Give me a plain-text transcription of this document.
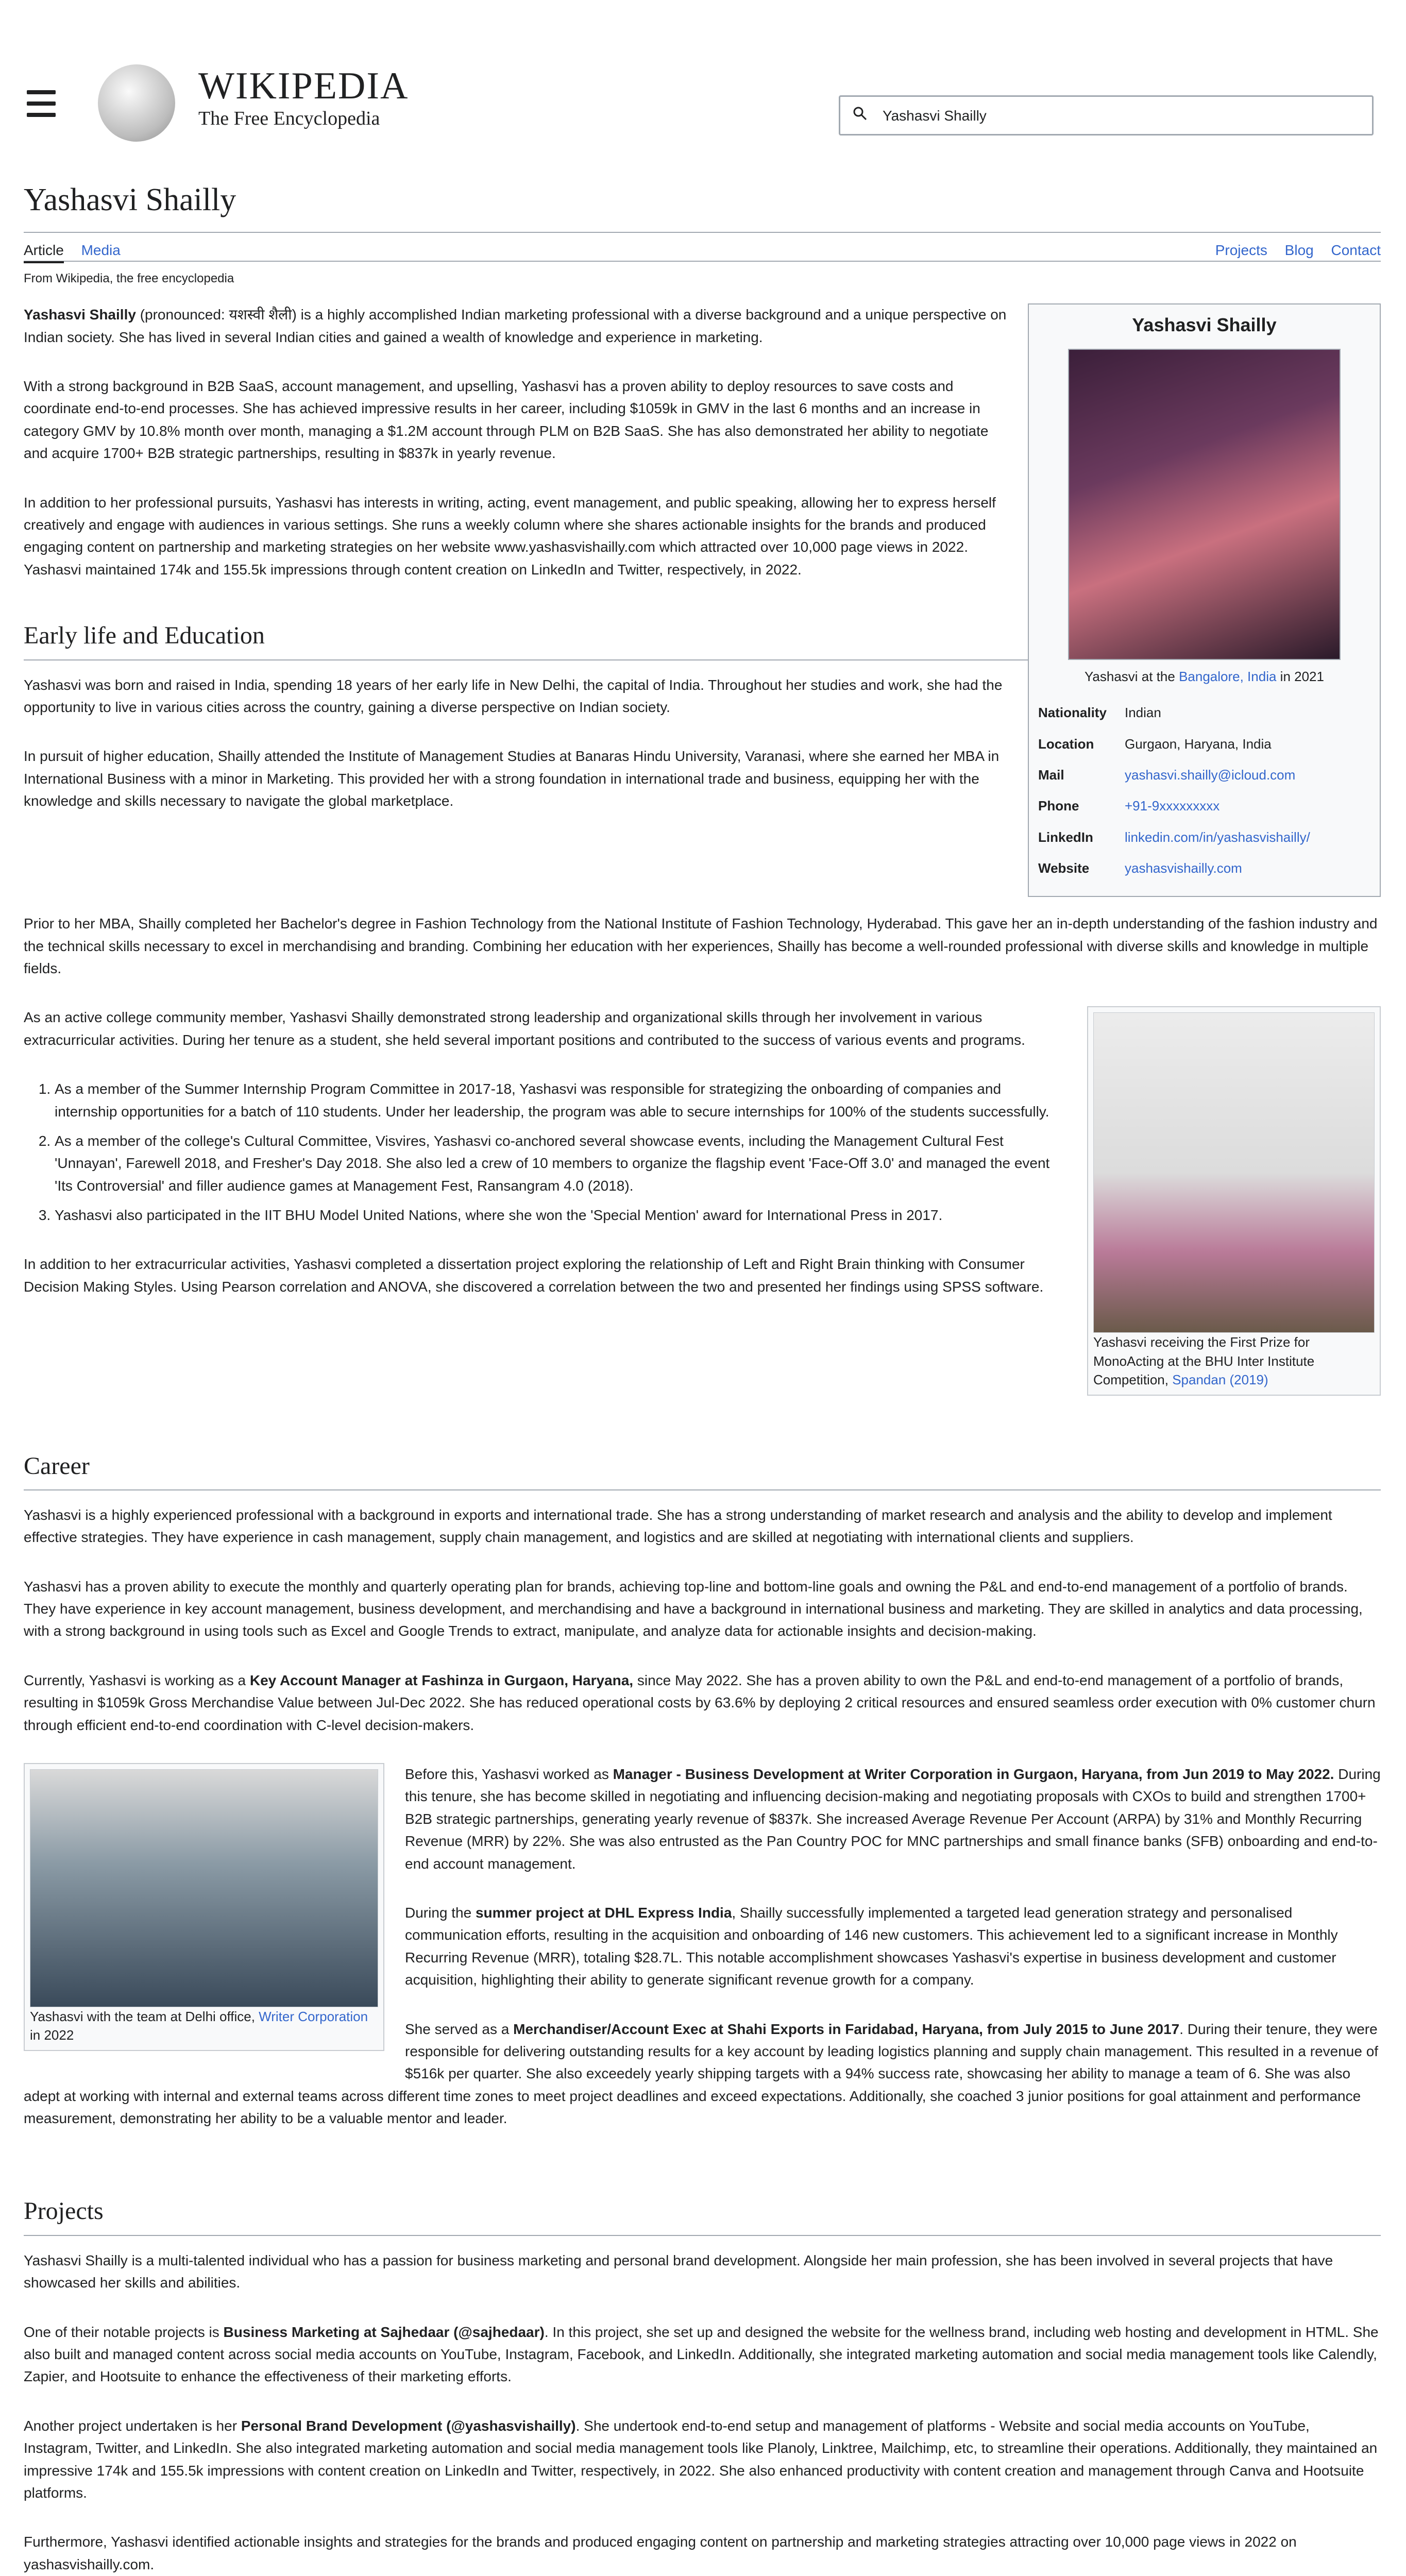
WIKIPEDIA
The Free Encyclopedia
Yashasvi Shailly
Yashasvi Shailly
Article Media	Projects Blog Contact
From Wikipedia, the free encyclopedia
Yashasvi Shailly
Yashasvi at the Bangalore, India in 2021
Nationality	Indian
Location	Gurgaon, Haryana, India
Mail	yashasvi.shailly@icloud.com
Phone	+91-9xxxxxxxxx
LinkedIn	linkedin.com/in/yashasvishailly/
Website	yashasvishailly.com

Yashasvi Shailly (pronounced: यशस्वी शैली) is a highly accomplished Indian marketing professional with a diverse background and a unique perspective on Indian society. She has lived in several Indian cities and gained a wealth of knowledge and experience in marketing.

With a strong background in B2B SaaS, account management, and upselling, Yashasvi has a proven ability to deploy resources to save costs and coordinate end-to-end processes. She has achieved impressive results in her career, including $1059k in GMV in the last 6 months and an increase in category GMV by 10.8% month over month, managing a $1.2M account through PLM on B2B SaaS. She has also demonstrated her ability to negotiate and acquire 1700+ B2B strategic partnerships, resulting in $837k in yearly revenue.

In addition to her professional pursuits, Yashasvi has interests in writing, acting, event management, and public speaking, allowing her to express herself creatively and engage with audiences in various settings. She runs a weekly column where she shares actionable insights for the brands and produced engaging content on partnership and marketing strategies on her website www.yashasvishailly.com which attracted over 10,000 page views in 2022. Yashasvi maintained 174k and 155.5k impressions through content creation on LinkedIn and Twitter, respectively, in 2022.

Early life and Education

Yashasvi was born and raised in India, spending 18 years of her early life in New Delhi, the capital of India. Throughout her studies and work, she had the opportunity to live in various cities across the country, gaining a diverse perspective on Indian society.

In pursuit of higher education, Shailly attended the Institute of Management Studies at Banaras Hindu University, Varanasi, where she earned her MBA in International Business with a minor in Marketing. This provided her with a strong foundation in international trade and business, equipping her with the knowledge and skills necessary to navigate the global marketplace.

Prior to her MBA, Shailly completed her Bachelor's degree in Fashion Technology from the National Institute of Fashion Technology, Hyderabad. This gave her an in-depth understanding of the fashion industry and the technical skills necessary to excel in merchandising and branding. Combining her education with her experiences, Shailly has become a well-rounded professional with diverse skills and knowledge in multiple fields.

Yashasvi receiving the First Prize for MonoActing at the BHU Inter Institute Competition, Spandan (2019)

As an active college community member, Yashasvi Shailly demonstrated strong leadership and organizational skills through her involvement in various extracurricular activities. During her tenure as a student, she held several important positions and contributed to the success of various events and programs.

1. As a member of the Summer Internship Program Committee in 2017-18, Yashasvi was responsible for strategizing the onboarding of companies and internship opportunities for a batch of 110 students. Under her leadership, the program was able to secure internships for 100% of the students successfully.
2. As a member of the college's Cultural Committee, Visvires, Yashasvi co-anchored several showcase events, including the Management Cultural Fest 'Unnayan', Farewell 2018, and Fresher's Day 2018. She also led a crew of 10 members to organize the flagship event 'Face-Off 3.0' and managed the event 'Its Controversial' and filler audience games at Management Fest, Ransangram 4.0 (2018).
3. Yashasvi also participated in the IIT BHU Model United Nations, where she won the 'Special Mention' award for International Press in 2017.

In addition to her extracurricular activities, Yashasvi completed a dissertation project exploring the relationship of Left and Right Brain thinking with Consumer Decision Making Styles. Using Pearson correlation and ANOVA, she discovered a correlation between the two and presented her findings using SPSS software.

Career

Yashasvi is a highly experienced professional with a background in exports and international trade. She has a strong understanding of market research and analysis and the ability to develop and implement effective strategies. They have experience in cash management, supply chain management, and logistics and are skilled at negotiating with international clients and suppliers.

Yashasvi has a proven ability to execute the monthly and quarterly operating plan for brands, achieving top-line and bottom-line goals and owning the P&L and end-to-end management of a portfolio of brands. They have experience in key account management, business development, and merchandising and have a background in international business and marketing. They are skilled in analytics and data processing, with a strong background in using tools such as Excel and Google Trends to extract, manipulate, and analyze data for actionable insights and decision-making.

Currently, Yashasvi is working as a Key Account Manager at Fashinza in Gurgaon, Haryana, since May 2022. She has a proven ability to own the P&L and end-to-end management of a portfolio of brands, resulting in $1059k Gross Merchandise Value between Jul-Dec 2022. She has reduced operational costs by 63.6% by deploying 2 critical resources and ensured seamless order execution with 0% customer churn through efficient end-to-end coordination with C-level decision-makers.

Yashasvi with the team at Delhi office, Writer Corporation in 2022

Before this, Yashasvi worked as Manager - Business Development at Writer Corporation in Gurgaon, Haryana, from Jun 2019 to May 2022. During this tenure, she has become skilled in negotiating and influencing decision-making and negotiating proposals with CXOs to build and strengthen 1700+ B2B strategic partnerships, generating yearly revenue of $837k. She increased Average Revenue Per Account (ARPA) by 31% and Monthly Recurring Revenue (MRR) by 22%. She was also entrusted as the Pan Country POC for MNC partnerships and small finance banks (SFB) onboarding and end-to-end account management.

During the summer project at DHL Express India, Shailly successfully implemented a targeted lead generation strategy and personalised communication efforts, resulting in the acquisition and onboarding of 146 new customers. This achievement led to a significant increase in Monthly Recurring Revenue (MRR), totaling $28.7L. This notable accomplishment showcases Yashasvi's expertise in business development and customer acquisition, highlighting their ability to generate significant revenue growth for a company.

She served as a Merchandiser/Account Exec at Shahi Exports in Faridabad, Haryana, from July 2015 to June 2017. During their tenure, they were responsible for delivering outstanding results for a key account by leading logistics planning and supply chain management. This resulted in a revenue of $516k per quarter. She also exceedely yearly shipping targets with a 94% success rate, showcasing her ability to manage a team of 6. She was also adept at working with internal and external teams across different time zones to meet project deadlines and exceed expectations. Additionally, she coached 3 junior positions for goal attainment and performance measurement, demonstrating her ability to be a valuable mentor and leader.

Projects

Yashasvi Shailly is a multi-talented individual who has a passion for business marketing and personal brand development. Alongside her main profession, she has been involved in several projects that have showcased her skills and abilities.

One of their notable projects is Business Marketing at Sajhedaar (@sajhedaar). In this project, she set up and designed the website for the wellness brand, including web hosting and development in HTML. She also built and managed content across social media accounts on YouTube, Instagram, Facebook, and LinkedIn. Additionally, she integrated marketing automation and social media management tools like Calendly, Zapier, and Hootsuite to enhance the effectiveness of their marketing efforts.

Another project undertaken is her Personal Brand Development (@yashasvishailly). She undertook end-to-end setup and management of platforms - Website and social media accounts on YouTube, Instagram, Twitter, and LinkedIn. She also integrated marketing automation and social media management tools like Planoly, Linktree, Mailchimp, etc, to streamline their operations. Additionally, they maintained an impressive 174k and 155.5k impressions with content creation on LinkedIn and Twitter, respectively, in 2022. She also enhanced productivity with content creation and management through Canva and Hootsuite platforms.

Furthermore, Yashasvi identified actionable insights and strategies for the brands and produced engaging content on partnership and marketing strategies attracting over 10,000 page views in 2022 on yashasvishailly.com.
